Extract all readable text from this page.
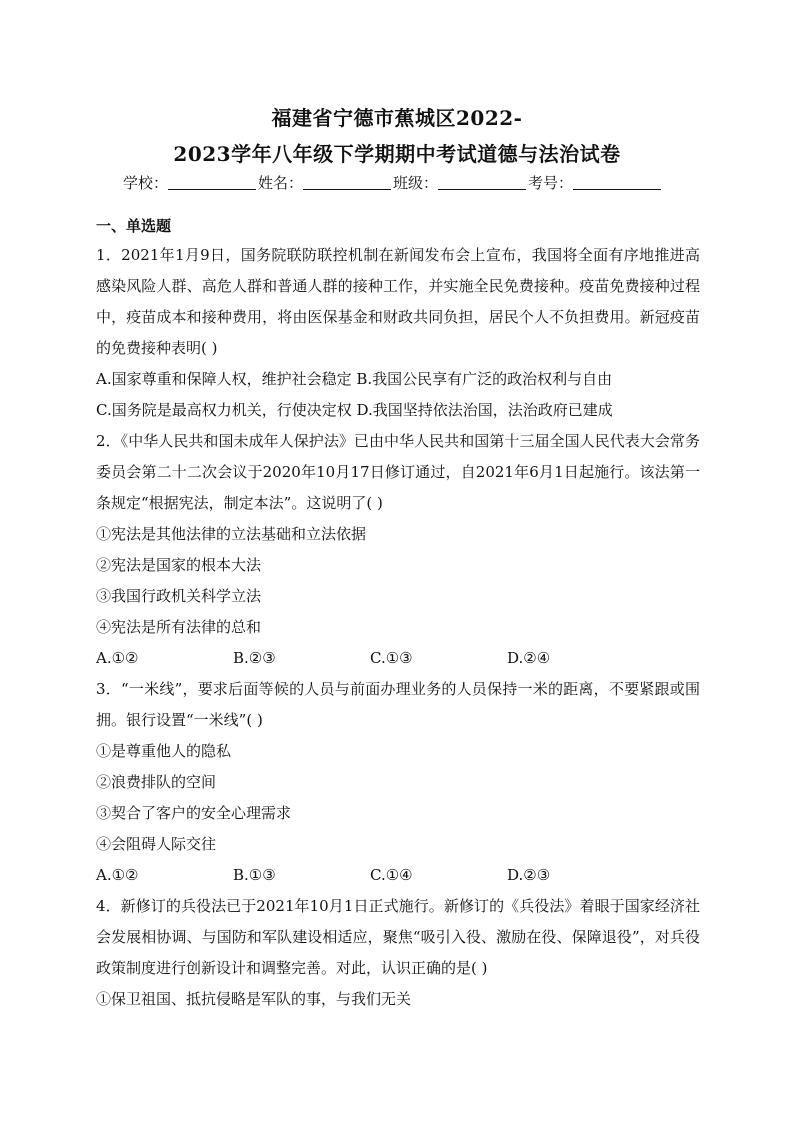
福建省宁德市蕉城区2022-
2023学年八年级下学期期中考试道德与法治试卷
学校：	姓名：	班级：	考号：
一、单选题

1．2021年1月9日，国务院联防联控机制在新闻发布会上宣布，我国将全面有序地推进高感染风险人群、高危人群和普通人群的接种工作，并实施全民免费接种。疫苗免费接种过程中，疫苗成本和接种费用，将由医保基金和财政共同负担，居民个人不负担费用。新冠疫苗的免费接种表明( )

A.国家尊重和保障人权，维护社会稳定 B.我国公民享有广泛的政治权利与自由

C.国务院是最高权力机关，行使决定权 D.我国坚持依法治国，法治政府已建成

2．《中华人民共和国未成年人保护法》已由中华人民共和国第十三届全国人民代表大会常务委员会第二十二次会议于2020年10月17日修订通过，自2021年6月1日起施行。该法第一条规定“根据宪法，制定本法”。这说明了( )

①宪法是其他法律的立法基础和立法依据

②宪法是国家的根本大法

③我国行政机关科学立法

④宪法是所有法律的总和

A.①②	B.②③	C.①③	D.②④

3．“一米线”，要求后面等候的人员与前面办理业务的人员保持一米的距离，不要紧跟或围拥。银行设置“一米线”( )

①是尊重他人的隐私

②浪费排队的空间

③契合了客户的安全心理需求

④会阻碍人际交往

A.①②	B.①③	C.①④	D.②③

4．新修订的兵役法已于2021年10月1日正式施行。新修订的《兵役法》着眼于国家经济社会发展相协调、与国防和军队建设相适应，聚焦“吸引入役、激励在役、保障退役”，对兵役政策制度进行创新设计和调整完善。对此，认识正确的是( )

①保卫祖国、抵抗侵略是军队的事，与我们无关
